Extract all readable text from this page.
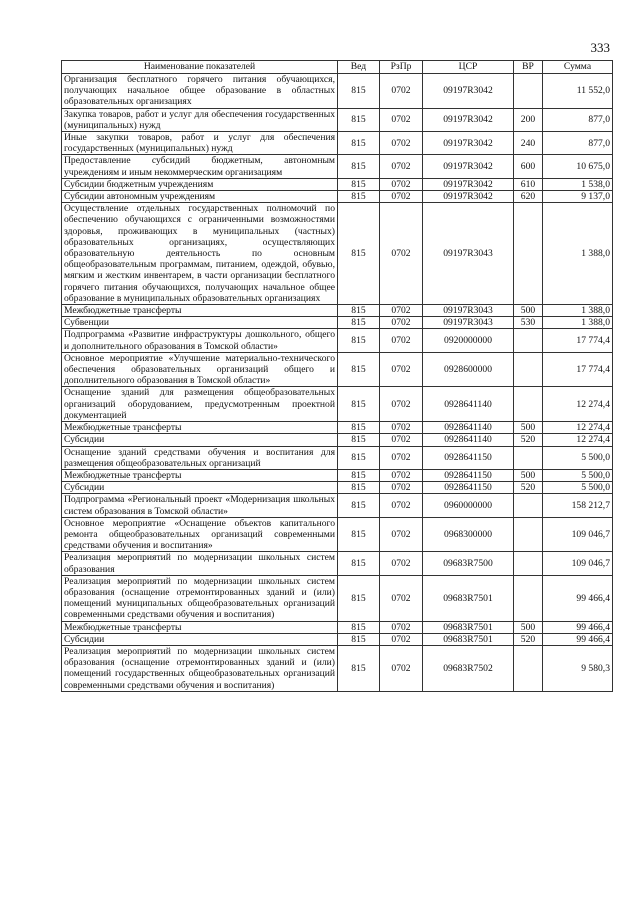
333
Наименование показателей	Вед	РзПр	ЦСР	ВР	Сумма
Организация бесплатного горячего питания обучающихся, получающих начальное общее образование в областных образовательных организациях	815	0702	09197R3042		11 552,0
Закупка товаров, работ и услуг для обеспечения государственных (муниципальных) нужд	815	0702	09197R3042	200	877,0
Иные закупки товаров, работ и услуг для обеспечения государственных (муниципальных) нужд	815	0702	09197R3042	240	877,0
Предоставление субсидий бюджетным, автономным учреждениям и иным некоммерческим организациям	815	0702	09197R3042	600	10 675,0
Субсидии бюджетным учреждениям	815	0702	09197R3042	610	1 538,0
Субсидии автономным учреждениям	815	0702	09197R3042	620	9 137,0
Осуществление отдельных государственных полномочий по обеспечению обучающихся с ограниченными возможностями здоровья, проживающих в муниципальных (частных) образовательных организациях, осуществляющих образовательную деятельность по основным общеобразовательным программам, питанием, одеждой, обувью, мягким и жестким инвентарем, в части организации бесплатного горячего питания обучающихся, получающих начальное общее образование в муниципальных образовательных организациях	815	0702	09197R3043		1 388,0
Межбюджетные трансферты	815	0702	09197R3043	500	1 388,0
Субвенции	815	0702	09197R3043	530	1 388,0
Подпрограмма «Развитие инфраструктуры дошкольного, общего и дополнительного образования в Томской области»	815	0702	0920000000		17 774,4
Основное мероприятие «Улучшение материально-технического обеспечения образовательных организаций общего и дополнительного образования в Томской области»	815	0702	0928600000		17 774,4
Оснащение зданий для размещения общеобразовательных организаций оборудованием, предусмотренным проектной документацией	815	0702	0928641140		12 274,4
Межбюджетные трансферты	815	0702	0928641140	500	12 274,4
Субсидии	815	0702	0928641140	520	12 274,4
Оснащение зданий средствами обучения и воспитания для размещения общеобразовательных организаций	815	0702	0928641150		5 500,0
Межбюджетные трансферты	815	0702	0928641150	500	5 500,0
Субсидии	815	0702	0928641150	520	5 500,0
Подпрограмма «Региональный проект «Модернизация школьных систем образования в Томской области»	815	0702	0960000000		158 212,7
Основное мероприятие «Оснащение объектов капитального ремонта общеобразовательных организаций современными средствами обучения и воспитания»	815	0702	0968300000		109 046,7
Реализация мероприятий по модернизации школьных систем образования	815	0702	09683R7500		109 046,7
Реализация мероприятий по модернизации школьных систем образования (оснащение отремонтированных зданий и (или) помещений муниципальных общеобразовательных организаций современными средствами обучения и воспитания)	815	0702	09683R7501		99 466,4
Межбюджетные трансферты	815	0702	09683R7501	500	99 466,4
Субсидии	815	0702	09683R7501	520	99 466,4
Реализация мероприятий по модернизации школьных систем образования (оснащение отремонтированных зданий и (или) помещений государственных общеобразовательных организаций современными средствами обучения и воспитания)	815	0702	09683R7502		9 580,3
